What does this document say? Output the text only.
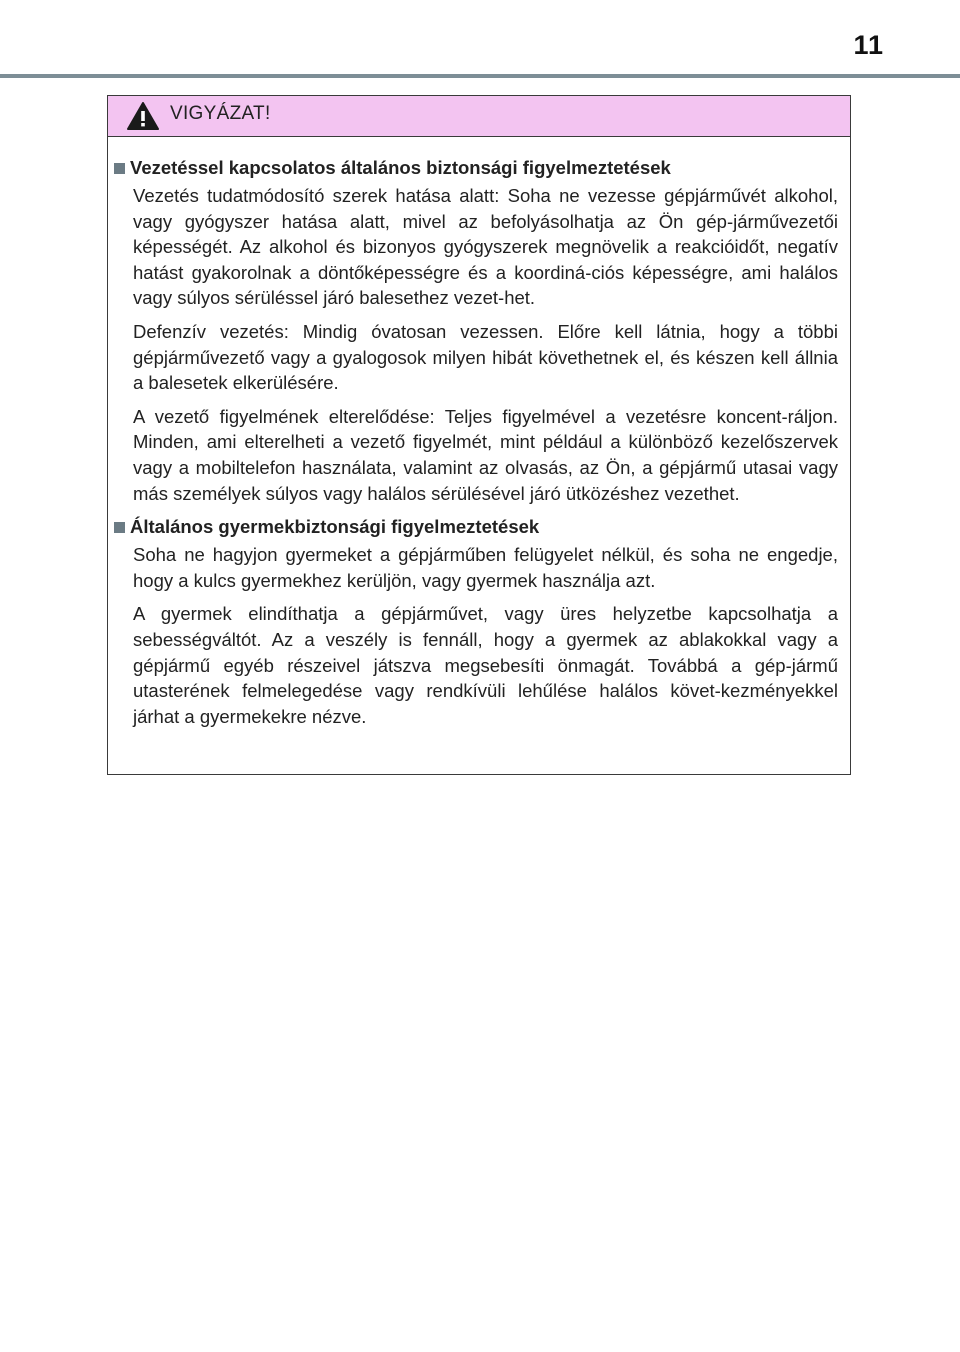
11
VIGYÁZAT!
Vezetéssel kapcsolatos általános biztonsági figyelmeztetések

Vezetés tudatmódosító szerek hatása alatt: Soha ne vezesse gépjárművét alkohol, vagy gyógyszer hatása alatt, mivel az befolyásolhatja az Ön gép-járművezetői képességét. Az alkohol és bizonyos gyógyszerek megnövelik a reakcióidőt, negatív hatást gyakorolnak a döntőképességre és a koordiná-ciós képességre, ami halálos vagy súlyos sérüléssel járó balesethez vezet-het.

Defenzív vezetés: Mindig óvatosan vezessen. Előre kell látnia, hogy a többi gépjárművezető vagy a gyalogosok milyen hibát követhetnek el, és készen kell állnia a balesetek elkerülésére.

A vezető figyelmének elterelődése: Teljes figyelmével a vezetésre koncent-ráljon. Minden, ami elterelheti a vezető figyelmét, mint például a különböző kezelőszervek vagy a mobiltelefon használata, valamint az olvasás, az Ön, a gépjármű utasai vagy más személyek súlyos vagy halálos sérülésével járó ütközéshez vezethet.

Általános gyermekbiztonsági figyelmeztetések

Soha ne hagyjon gyermeket a gépjárműben felügyelet nélkül, és soha ne engedje, hogy a kulcs gyermekhez kerüljön, vagy gyermek használja azt.

A gyermek elindíthatja a gépjárművet, vagy üres helyzetbe kapcsolhatja a sebességváltót. Az a veszély is fennáll, hogy a gyermek az ablakokkal vagy a gépjármű egyéb részeivel játszva megsebesíti önmagát. Továbbá a gép-jármű utasterének felmelegedése vagy rendkívüli lehűlése halálos követ-kezményekkel járhat a gyermekekre nézve.
